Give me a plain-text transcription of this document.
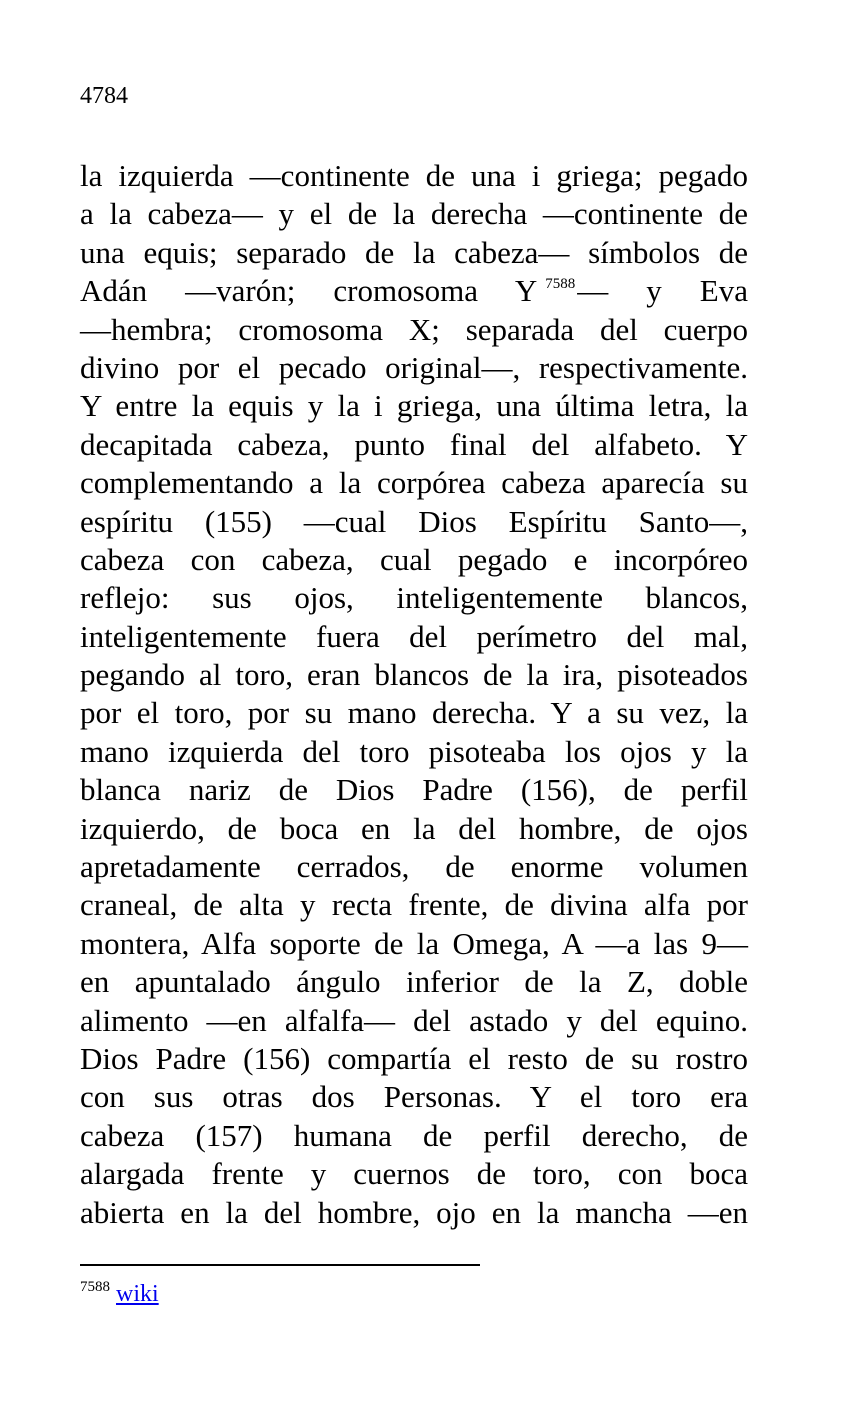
4784
la izquierda —continente de una i griega; pegado
a la cabeza— y el de la derecha —continente de
una equis; separado de la cabeza— símbolos de
Adán —varón; cromosoma Y $^{7588}$— y Eva
—hembra; cromosoma X; separada del cuerpo
divino por el pecado original—, respectivamente.
Y entre la equis y la i griega, una última letra, la
decapitada cabeza, punto final del alfabeto. Y
complementando a la corpórea cabeza aparecía su
espíritu (155) —cual Dios Espíritu Santo—,
cabeza con cabeza, cual pegado e incorpóreo
reflejo: sus ojos, inteligentemente blancos,
inteligentemente fuera del perímetro del mal,
pegando al toro, eran blancos de la ira, pisoteados
por el toro, por su mano derecha. Y a su vez, la
mano izquierda del toro pisoteaba los ojos y la
blanca nariz de Dios Padre (156), de perfil
izquierdo, de boca en la del hombre, de ojos
apretadamente cerrados, de enorme volumen
craneal, de alta y recta frente, de divina alfa por
montera, Alfa soporte de la Omega, A —a las 9—
en apuntalado ángulo inferior de la Z, doble
alimento —en alfalfa— del astado y del equino.
Dios Padre (156) compartía el resto de su rostro
con sus otras dos Personas. Y el toro era
cabeza (157) humana de perfil derecho, de
alargada frente y cuernos de toro, con boca
abierta en la del hombre, ojo en la mancha —en
$^{7588}$ wiki
